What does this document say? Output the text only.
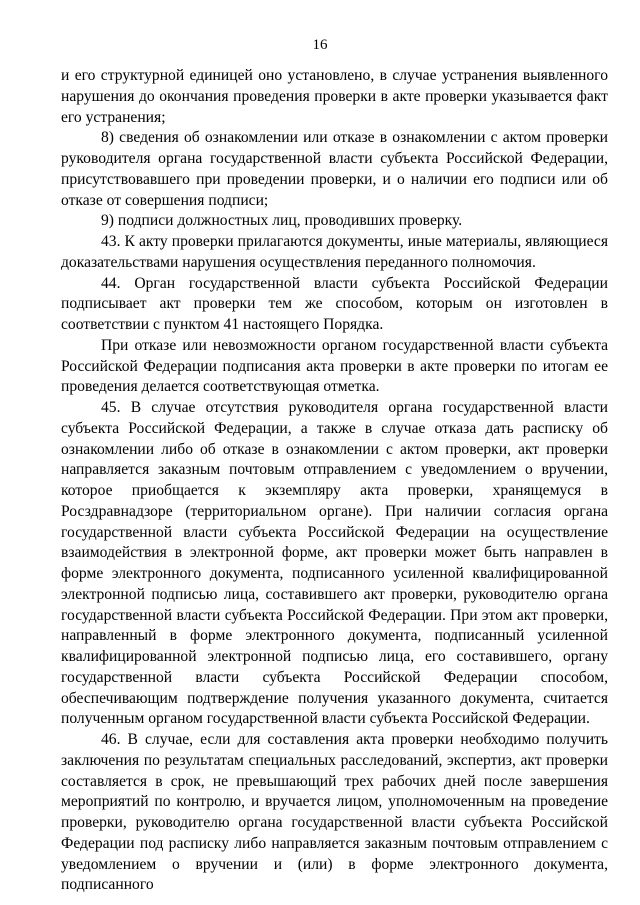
16

и его структурной единицей оно установлено, в случае устранения выявленного нарушения до окончания проведения проверки в акте проверки указывается факт его устранения;

8) сведения об ознакомлении или отказе в ознакомлении с актом проверки руководителя органа государственной власти субъекта Российской Федерации, присутствовавшего при проведении проверки, и о наличии его подписи или об отказе от совершения подписи;

9) подписи должностных лиц, проводивших проверку.

43. К акту проверки прилагаются документы, иные материалы, являющиеся доказательствами нарушения осуществления переданного полномочия.

44. Орган государственной власти субъекта Российской Федерации подписывает акт проверки тем же способом, которым он изготовлен в соответствии с пунктом 41 настоящего Порядка.

При отказе или невозможности органом государственной власти субъекта Российской Федерации подписания акта проверки в акте проверки по итогам ее проведения делается соответствующая отметка.

45. В случае отсутствия руководителя органа государственной власти субъекта Российской Федерации, а также в случае отказа дать расписку об ознакомлении либо об отказе в ознакомлении с актом проверки, акт проверки направляется заказным почтовым отправлением с уведомлением о вручении, которое приобщается к экземпляру акта проверки, хранящемуся в Росздравнадзоре (территориальном органе). При наличии согласия органа государственной власти субъекта Российской Федерации на осуществление взаимодействия в электронной форме, акт проверки может быть направлен в форме электронного документа, подписанного усиленной квалифицированной электронной подписью лица, составившего акт проверки, руководителю органа государственной власти субъекта Российской Федерации. При этом акт проверки, направленный в форме электронного документа, подписанный усиленной квалифицированной электронной подписью лица, его составившего, органу государственной власти субъекта Российской Федерации способом, обеспечивающим подтверждение получения указанного документа, считается полученным органом государственной власти субъекта Российской Федерации.

46. В случае, если для составления акта проверки необходимо получить заключения по результатам специальных расследований, экспертиз, акт проверки составляется в срок, не превышающий трех рабочих дней после завершения мероприятий по контролю, и вручается лицом, уполномоченным на проведение проверки, руководителю органа государственной власти субъекта Российской Федерации под расписку либо направляется заказным почтовым отправлением с уведомлением о вручении и (или) в форме электронного документа, подписанного
